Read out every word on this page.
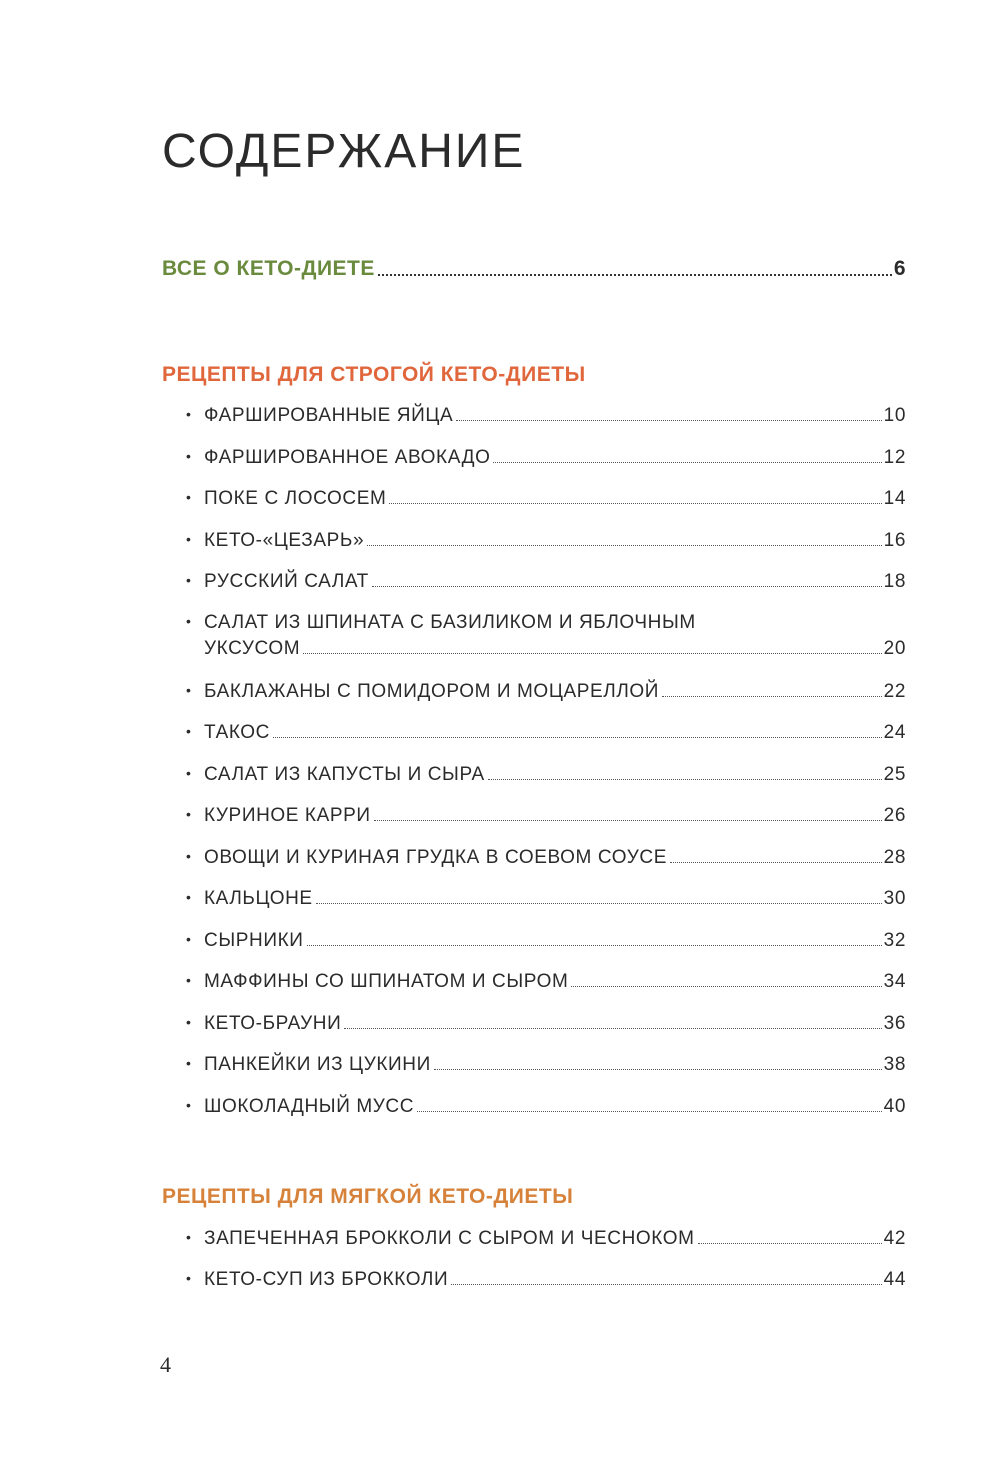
СОДЕРЖАНИЕ
ВСЕ О КЕТО-ДИЕТЕ	6
РЕЦЕПТЫ ДЛЯ СТРОГОЙ КЕТО-ДИЕТЫ
• ФАРШИРОВАННЫЕ ЯЙЦА	10
• ФАРШИРОВАННОЕ АВОКАДО	12
• ПОКЕ С ЛОСОСЕМ	14
• КЕТО-«ЦЕЗАРЬ»	16
• РУССКИЙ САЛАТ	18
• САЛАТ ИЗ ШПИНАТА С БАЗИЛИКОМ И ЯБЛОЧНЫМ
УКСУСОМ	20
• БАКЛАЖАНЫ С ПОМИДОРОМ И МОЦАРЕЛЛОЙ	22
• ТАКОС	24
• САЛАТ ИЗ КАПУСТЫ И СЫРА	25
• КУРИНОЕ КАРРИ	26
• ОВОЩИ И КУРИНАЯ ГРУДКА В СОЕВОМ СОУСЕ	28
• КАЛЬЦОНЕ	30
• СЫРНИКИ	32
• МАФФИНЫ СО ШПИНАТОМ И СЫРОМ	34
• КЕТО-БРАУНИ	36
• ПАНКЕЙКИ ИЗ ЦУКИНИ	38
• ШОКОЛАДНЫЙ МУСС	40
РЕЦЕПТЫ ДЛЯ МЯГКОЙ КЕТО-ДИЕТЫ
• ЗАПЕЧЕННАЯ БРОККОЛИ С СЫРОМ И ЧЕСНОКОМ	42
• КЕТО-СУП ИЗ БРОККОЛИ	44
4
